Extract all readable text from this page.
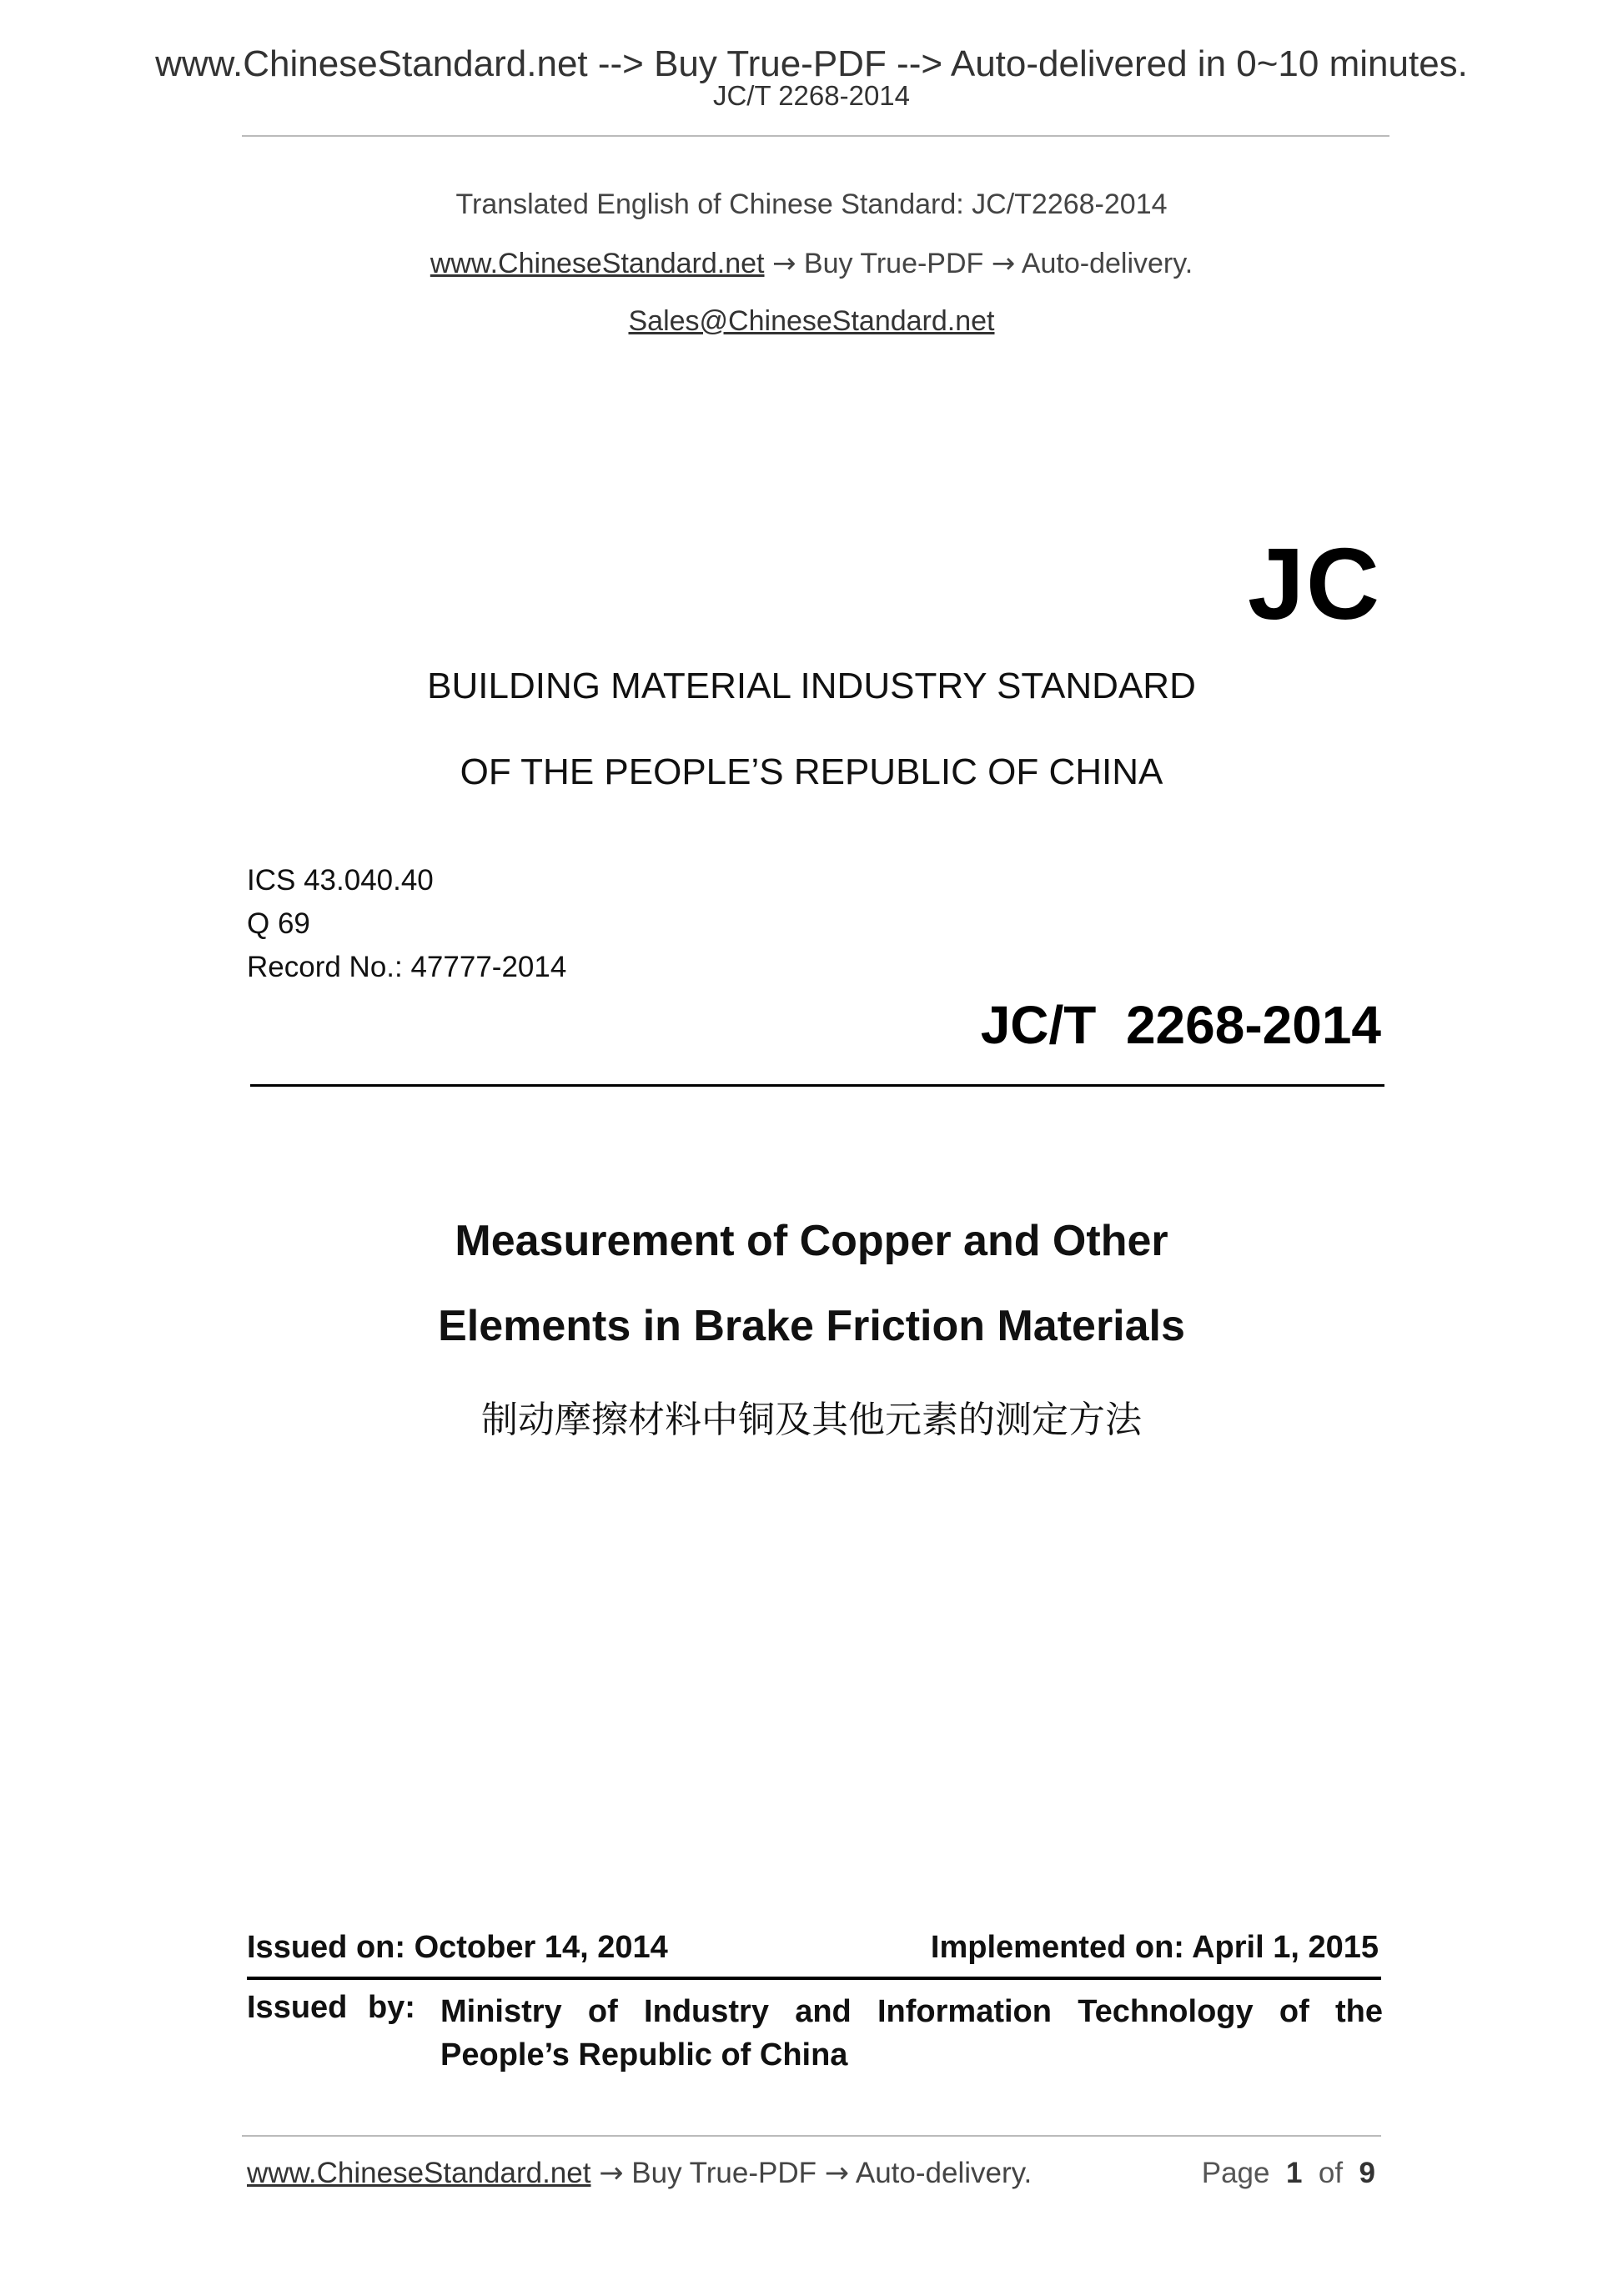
www.ChineseStandard.net --> Buy True-PDF --> Auto-delivered in 0~10 minutes.
JC/T 2268-2014
Translated English of Chinese Standard: JC/T2268-2014
www.ChineseStandard.net → Buy True-PDF → Auto-delivery.
Sales@ChineseStandard.net
JC
BUILDING MATERIAL INDUSTRY STANDARD
OF THE PEOPLE’S REPUBLIC OF CHINA
ICS 43.040.40
Q 69
Record No.: 47777-2014
JC/T  2268-2014
Measurement of Copper and Other
Elements in Brake Friction Materials
制动摩擦材料中铜及其他元素的测定方法
Issued on: October 14, 2014	Implemented on: April 1, 2015
Issued by: Ministry of Industry and Information Technology of the People’s Republic of China
www.ChineseStandard.net → Buy True-PDF → Auto-delivery.	Page 1 of 9
